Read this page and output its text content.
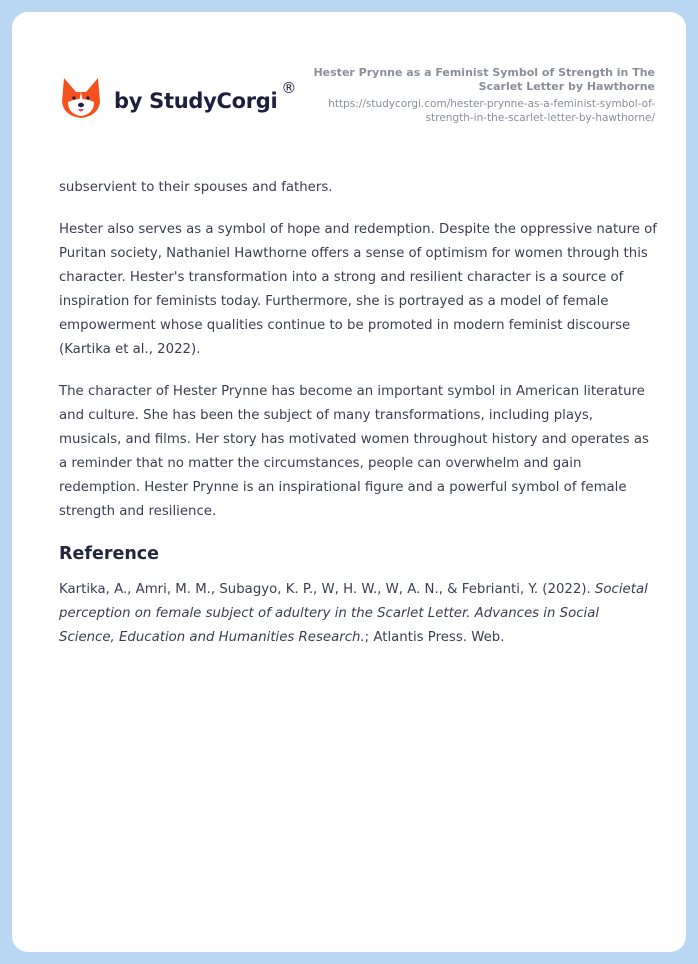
by StudyCorgi
®
Hester Prynne as a Feminist Symbol of Strength in The Scarlet Letter by Hawthorne
https://studycorgi.com/hester-prynne-as-a-feminist-symbol-of-strength-in-the-scarlet-letter-by-hawthorne/

subservient to their spouses and fathers.

Hester also serves as a symbol of hope and redemption. Despite the oppressive nature of Puritan society, Nathaniel Hawthorne offers a sense of optimism for women through this character. Hester's transformation into a strong and resilient character is a source of inspiration for feminists today. Furthermore, she is portrayed as a model of female empowerment whose qualities continue to be promoted in modern feminist discourse (Kartika et al., 2022).

The character of Hester Prynne has become an important symbol in American literature and culture. She has been the subject of many transformations, including plays, musicals, and films. Her story has motivated women throughout history and operates as a reminder that no matter the circumstances, people can overwhelm and gain redemption. Hester Prynne is an inspirational figure and a powerful symbol of female strength and resilience.

Reference

Kartika, A., Amri, M. M., Subagyo, K. P., W, H. W., W, A. N., & Febrianti, Y. (2022). Societal perception on female subject of adultery in the Scarlet Letter. Advances in Social Science, Education and Humanities Research.; Atlantis Press. Web.
